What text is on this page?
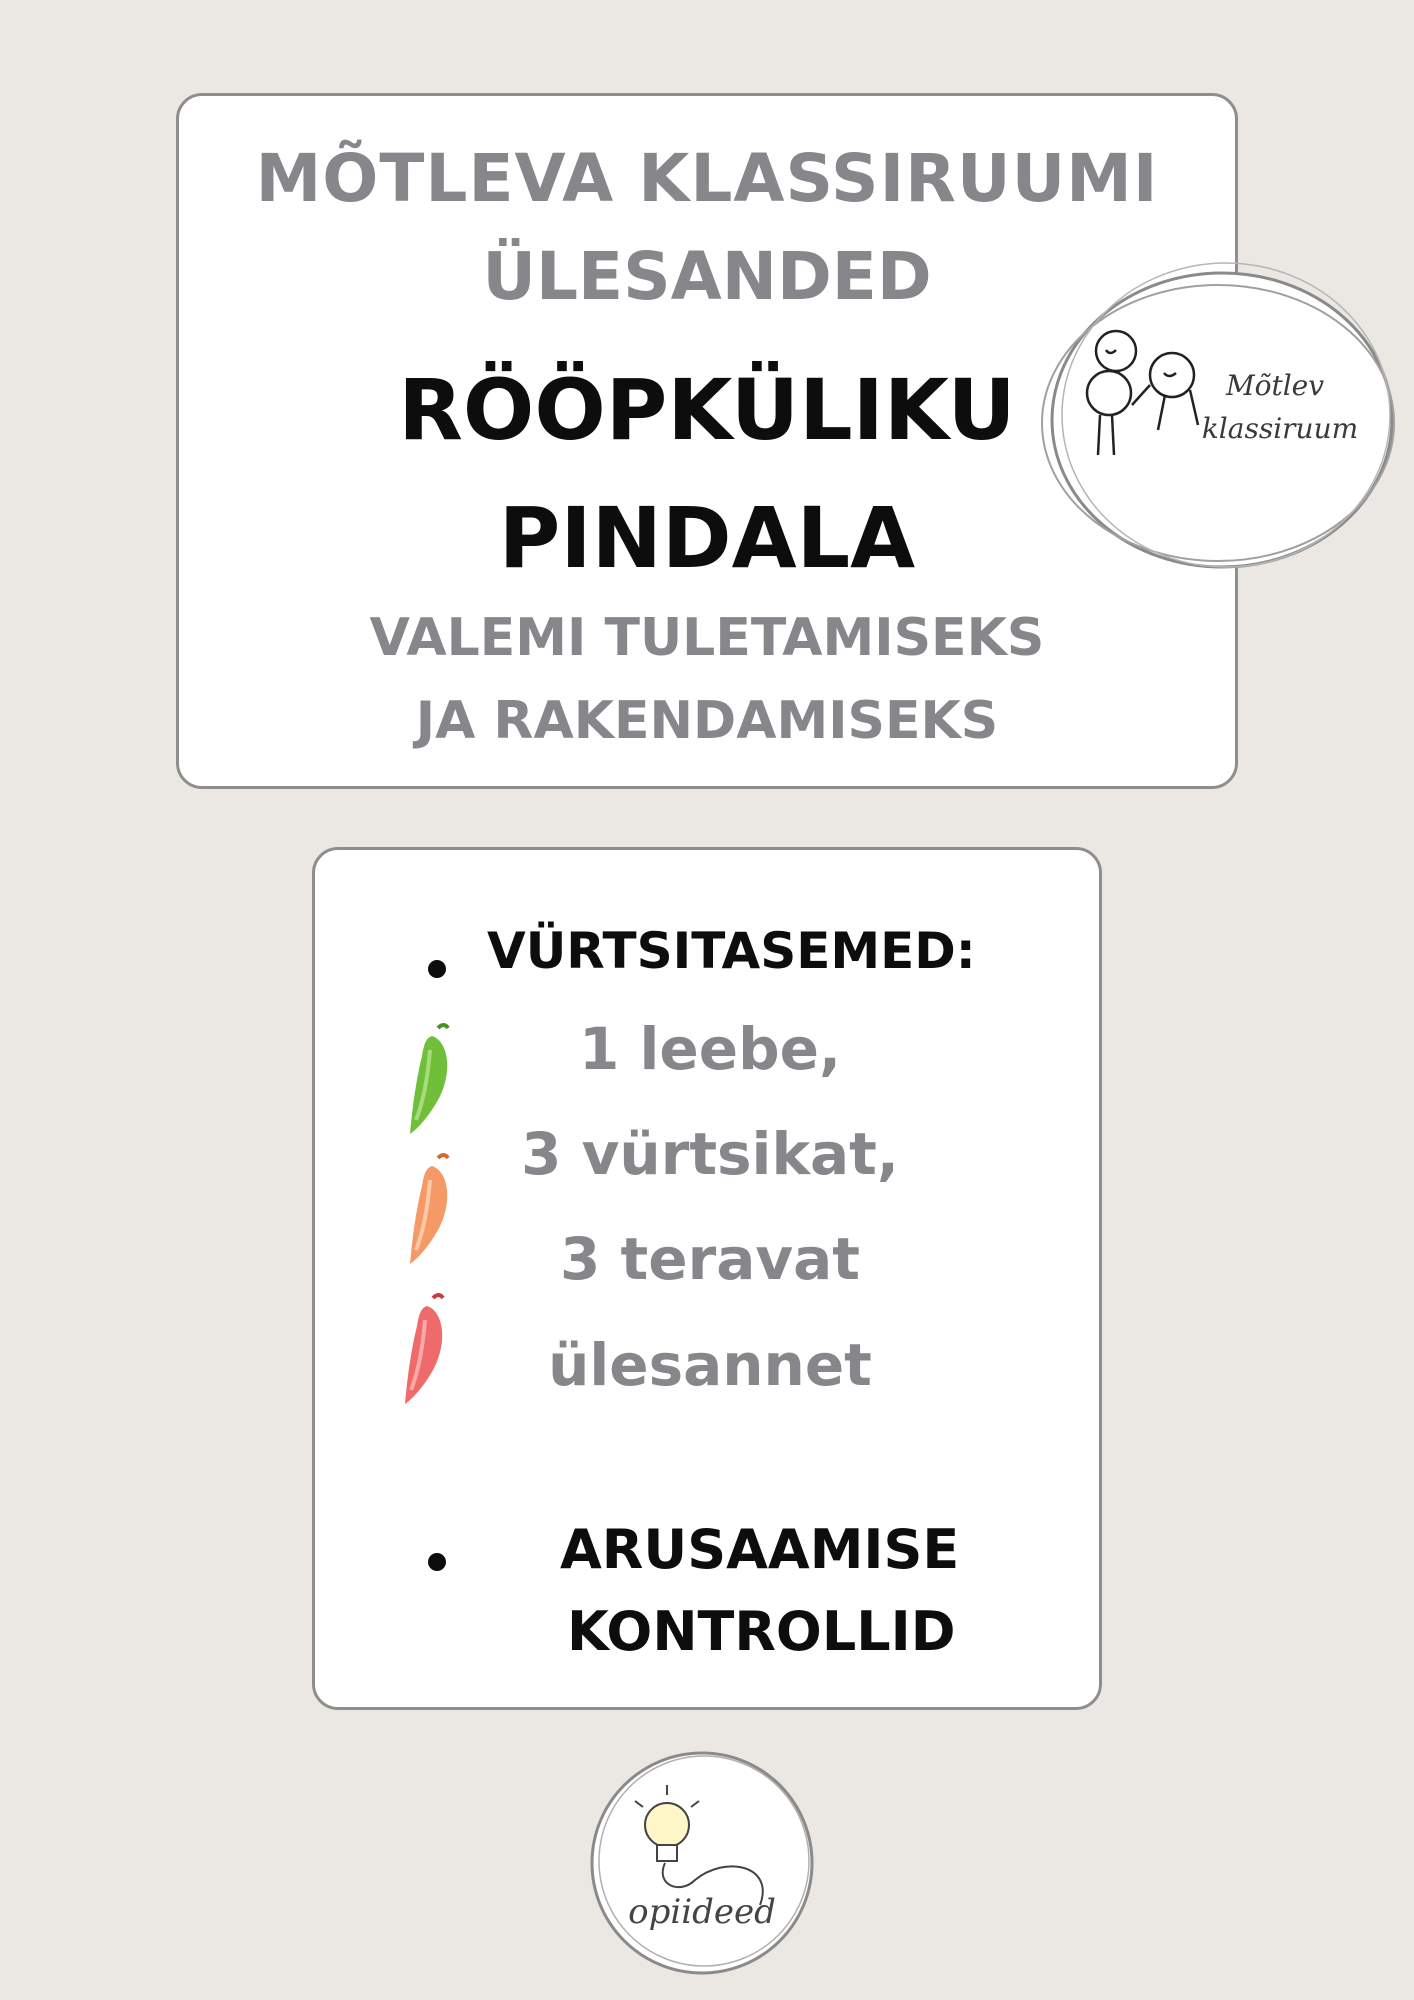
MÕTLEVA KLASSIRUUMI
ÜLESANDED
RÖÖPKÜLIKU
PINDALA
VALEMI TULETAMISEKS
JA RAKENDAMISEKS
Mõtlev
klassiruum
VÜRTSITASEMED:
1 leebe,
3 vürtsikat,
3 teravat
ülesannet
ARUSAAMISE
KONTROLLID
opiideed
